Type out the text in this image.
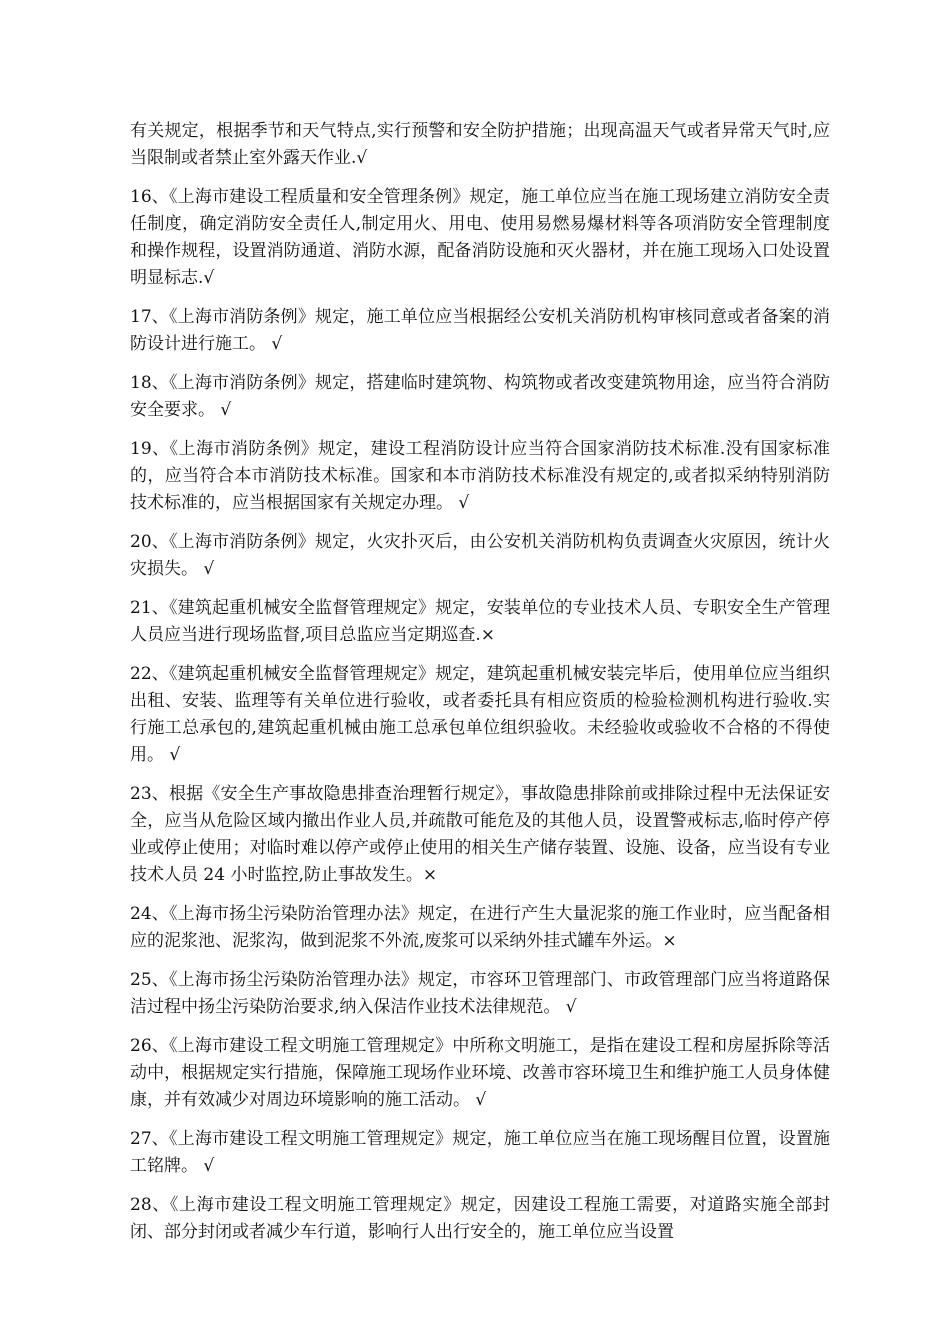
有关规定，根据季节和天气特点,实行预警和安全防护措施；出现高温天气或者异常天气时,应当限制或者禁止室外露天作业.√

16、《上海市建设工程质量和安全管理条例》规定，施工单位应当在施工现场建立消防安全责任制度，确定消防安全责任人,制定用火、用电、使用易燃易爆材料等各项消防安全管理制度和操作规程，设置消防通道、消防水源，配备消防设施和灭火器材，并在施工现场入口处设置明显标志.√

17、《上海市消防条例》规定，施工单位应当根据经公安机关消防机构审核同意或者备案的消防设计进行施工。 √

18、《上海市消防条例》规定，搭建临时建筑物、构筑物或者改变建筑物用途，应当符合消防安全要求。 √

19、《上海市消防条例》规定，建设工程消防设计应当符合国家消防技术标准.没有国家标准的，应当符合本市消防技术标准。国家和本市消防技术标准没有规定的,或者拟采纳特别消防技术标准的，应当根据国家有关规定办理。 √

20、《上海市消防条例》规定，火灾扑灭后，由公安机关消防机构负责调查火灾原因，统计火灾损失。 √

21、《建筑起重机械安全监督管理规定》规定，安装单位的专业技术人员、专职安全生产管理人员应当进行现场监督,项目总监应当定期巡查.×

22、《建筑起重机械安全监督管理规定》规定，建筑起重机械安装完毕后，使用单位应当组织出租、安装、监理等有关单位进行验收，或者委托具有相应资质的检验检测机构进行验收.实行施工总承包的,建筑起重机械由施工总承包单位组织验收。未经验收或验收不合格的不得使用。 √

23、根据《安全生产事故隐患排查治理暂行规定》，事故隐患排除前或排除过程中无法保证安全，应当从危险区域内撤出作业人员,并疏散可能危及的其他人员，设置警戒标志,临时停产停业或停止使用；对临时难以停产或停止使用的相关生产储存装置、设施、设备，应当设有专业技术人员 24 小时监控,防止事故发生。×

24、《上海市扬尘污染防治管理办法》规定，在进行产生大量泥浆的施工作业时，应当配备相应的泥浆池、泥浆沟，做到泥浆不外流,废浆可以采纳外挂式罐车外运。×

25、《上海市扬尘污染防治管理办法》规定，市容环卫管理部门、市政管理部门应当将道路保洁过程中扬尘污染防治要求,纳入保洁作业技术法律规范。 √

26、《上海市建设工程文明施工管理规定》中所称文明施工，是指在建设工程和房屋拆除等活动中，根据规定实行措施，保障施工现场作业环境、改善市容环境卫生和维护施工人员身体健康，并有效减少对周边环境影响的施工活动。 √

27、《上海市建设工程文明施工管理规定》规定，施工单位应当在施工现场醒目位置，设置施工铭牌。 √

28、《上海市建设工程文明施工管理规定》规定，因建设工程施工需要，对道路实施全部封闭、部分封闭或者减少车行道，影响行人出行安全的，施工单位应当设置
